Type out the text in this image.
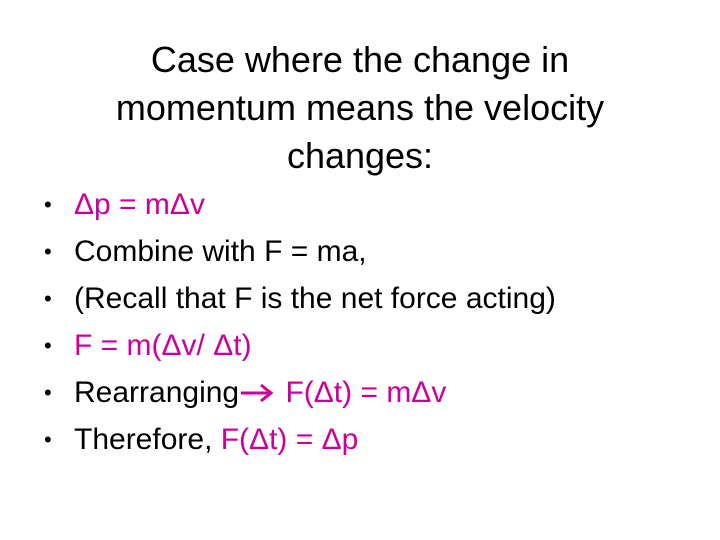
Case where the change in
momentum means the velocity
changes:
• Δp = mΔv
• Combine with F = ma,
• (Recall that F is the net force acting)
• F = m(Δv/ Δt)
• Rearranging F(Δt) = mΔv
• Therefore, F(Δt) = Δp
